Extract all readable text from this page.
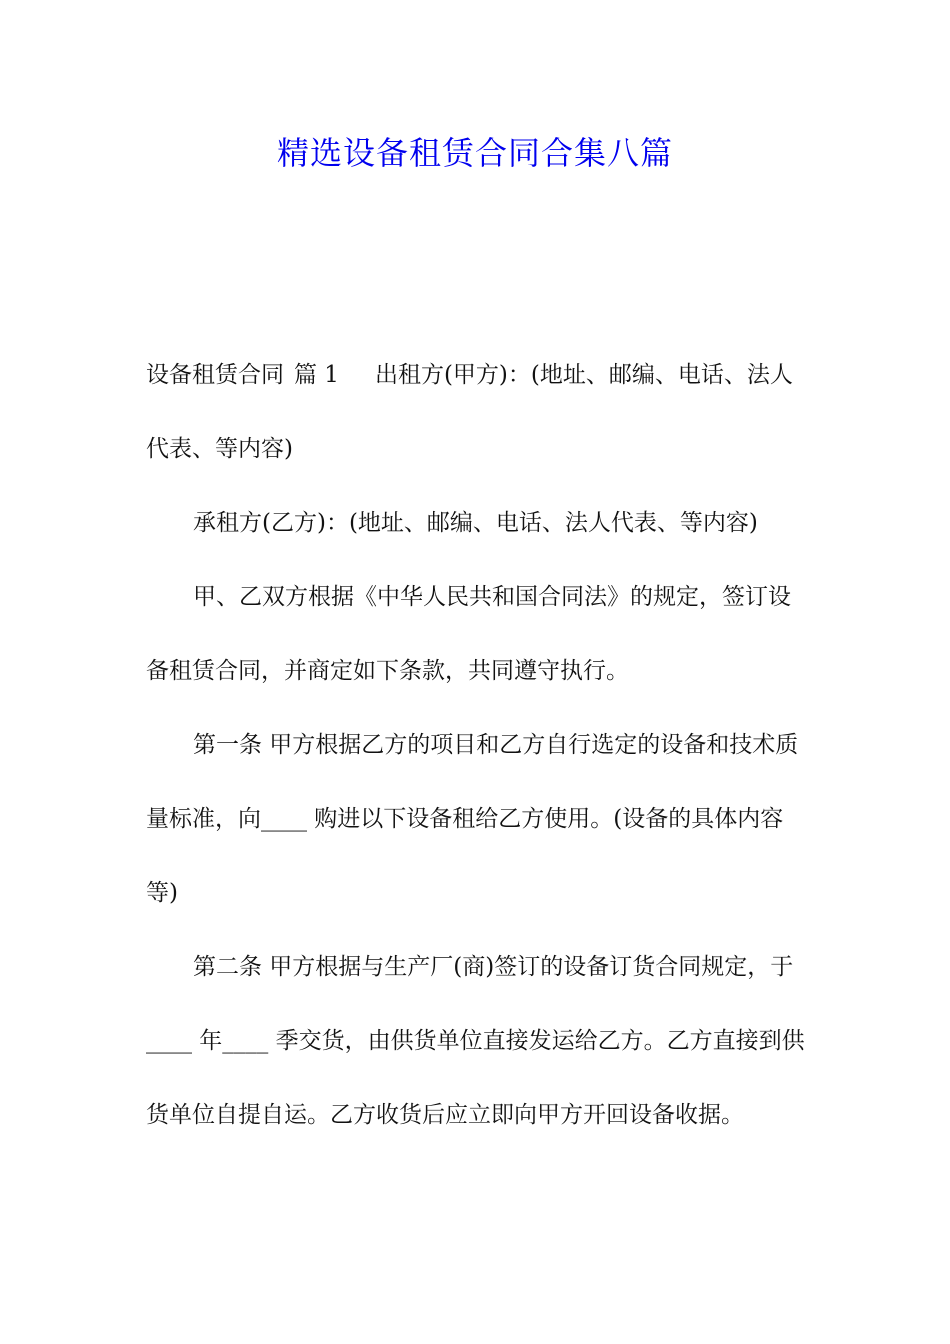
精选设备租赁合同合集八篇

设备租赁合同 篇 1 出租方(甲方)：(地址、邮编、电话、法人代表、等内容)

承租方(乙方)：(地址、邮编、电话、法人代表、等内容)

甲、乙双方根据《中华人民共和国合同法》的规定，签订设备租赁合同，并商定如下条款，共同遵守执行。

第一条 甲方根据乙方的项目和乙方自行选定的设备和技术质量标准，向____ 购进以下设备租给乙方使用。(设备的具体内容等)

第二条 甲方根据与生产厂(商)签订的设备订货合同规定，于____ 年____ 季交货，由供货单位直接发运给乙方。乙方直接到供货单位自提自运。乙方收货后应立即向甲方开回设备收据。
